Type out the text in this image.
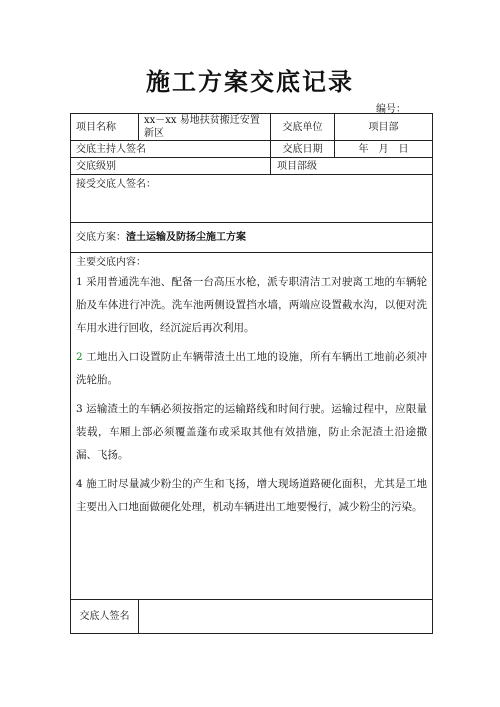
施工方案交底记录
编号：
项目名称	xx－xx 易地扶贫搬迁安置新区	交底单位	项目部
交底主持人签名		交底日期	年　月　日
交底级别		项目部级	
接受交底人签名：			
交底方案：渣土运输及防扬尘施工方案			

主要交底内容：

1 采用普通洗车池、配备一台高压水枪，派专职清洁工对驶离工地的车辆轮胎及车体进行冲洗。洗车池两侧设置挡水墙，两端应设置截水沟，以便对洗车用水进行回收，经沉淀后再次利用。

2 工地出入口设置防止车辆带渣土出工地的设施，所有车辆出工地前必须冲洗轮胎。

3 运输渣土的车辆必须按指定的运输路线和时间行驶。运输过程中，应限量装载，车厢上部必须覆盖蓬布或采取其他有效措施，防止余泥渣土沿途撒漏、飞扬。

4 施工时尽量减少粉尘的产生和飞扬，增大现场道路硬化面积，尤其是工地主要出入口地面做硬化处理，机动车辆进出工地要慢行，减少粉尘的污染。			

交底人签名			
